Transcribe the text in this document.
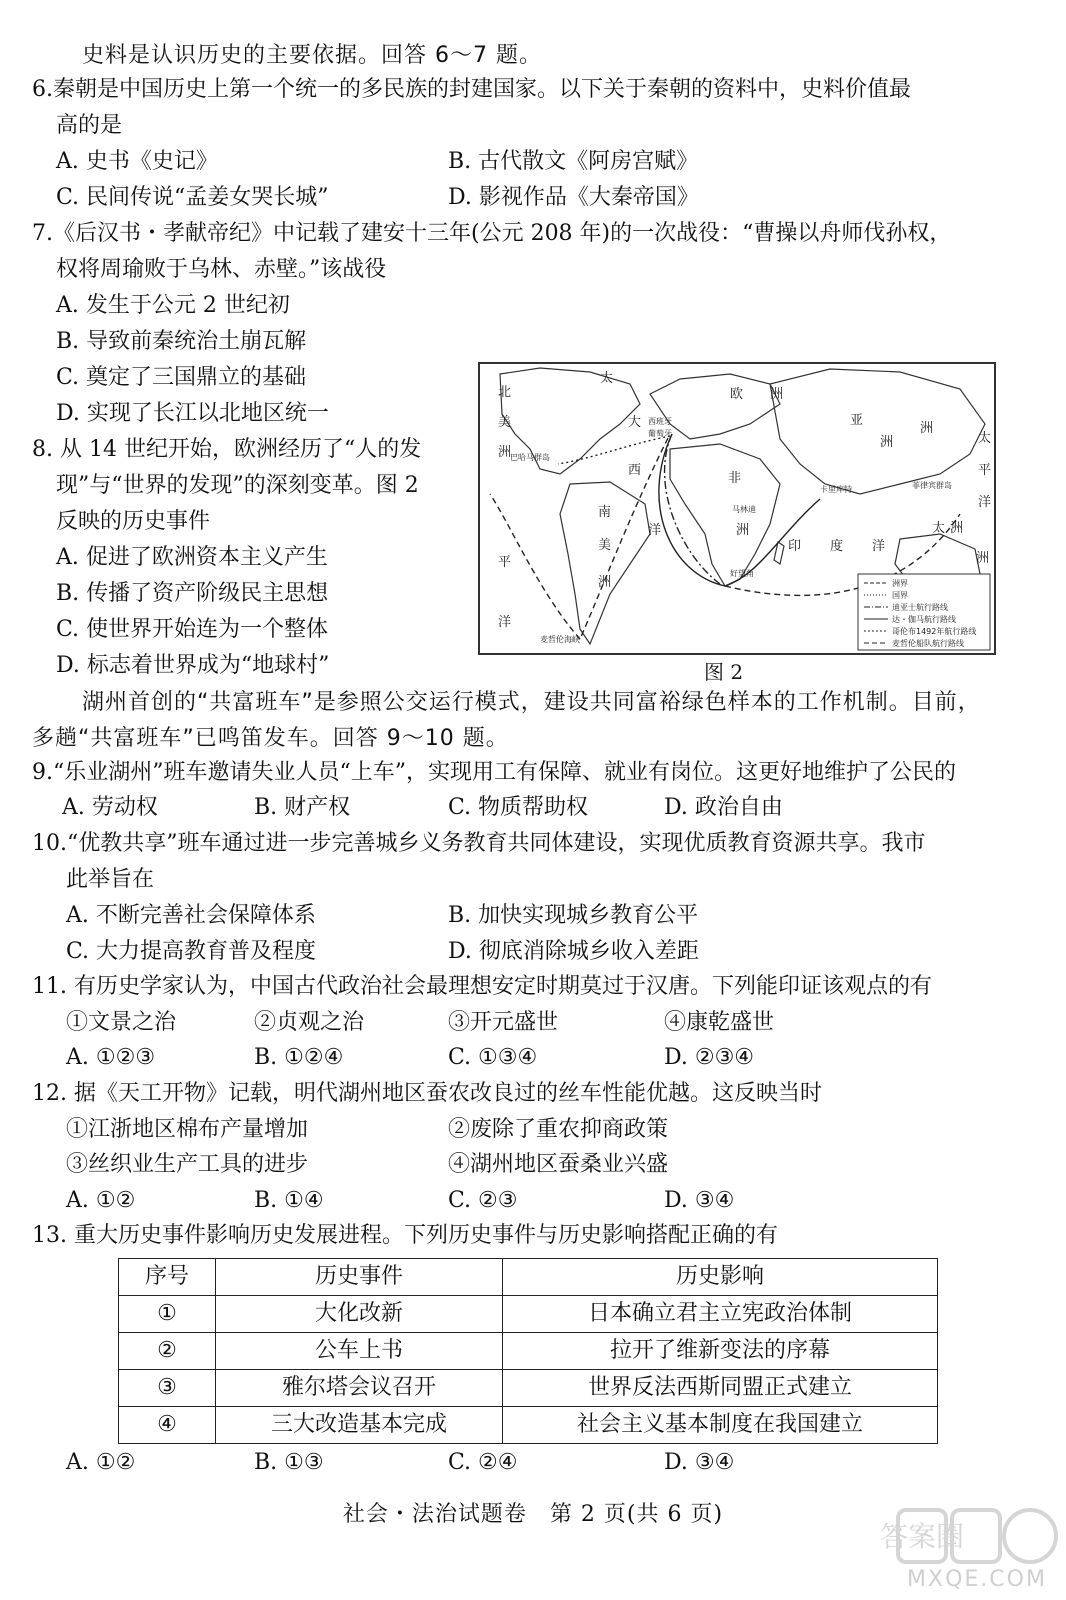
史料是认识历史的主要依据。回答 6～7 题。
6.秦朝是中国历史上第一个统一的多民族的封建国家。以下关于秦朝的资料中，史料价值最
高的是
A. 史书《史记》	B. 古代散文《阿房宫赋》
C. 民间传说“孟姜女哭长城”	D. 影视作品《大秦帝国》
7.《后汉书・孝献帝纪》中记载了建安十三年(公元 208 年)的一次战役：“曹操以舟师伐孙权，
权将周瑜败于乌林、赤壁。”该战役
A. 发生于公元 2 世纪初
B. 导致前秦统治土崩瓦解
C. 奠定了三国鼎立的基础
D. 实现了长江以北地区统一
8. 从 14 世纪开始，欧洲经历了“人的发
现”与“世界的发现”的深刻变革。图 2
反映的历史事件
A. 促进了欧洲资本主义产生
B. 传播了资产阶级民主思想
C. 使世界开始连为一个整体
D. 标志着世界成为“地球村”
北
美
洲
大
西
洋
欧 洲
亚
洲
非
洲
南
美
洲
印 度 洋
太
平
洋
洲
平
洋
太
太 洲
洲
西班牙
葡萄牙
巴哈马群岛
卡里库特	菲律宾群岛
马林迪
好望角
麦哲伦海峡
洲界
国界
迪亚士航行路线
达・伽马航行路线
哥伦布1492年航行路线
麦哲伦船队航行路线
图 2
湖州首创的“共富班车”是参照公交运行模式，建设共同富裕绿色样本的工作机制。目前，
多趟“共富班车”已鸣笛发车。回答 9～10 题。
9.“乐业湖州”班车邀请失业人员“上车”，实现用工有保障、就业有岗位。这更好地维护了公民的
A. 劳动权	B. 财产权	C. 物质帮助权	D. 政治自由
10.“优教共享”班车通过进一步完善城乡义务教育共同体建设，实现优质教育资源共享。我市
此举旨在
A. 不断完善社会保障体系	B. 加快实现城乡教育公平
C. 大力提高教育普及程度	D. 彻底消除城乡收入差距
11. 有历史学家认为，中国古代政治社会最理想安定时期莫过于汉唐。下列能印证该观点的有
①文景之治	②贞观之治	③开元盛世	④康乾盛世
A. ①②③	B. ①②④	C. ①③④	D. ②③④
12. 据《天工开物》记载，明代湖州地区蚕农改良过的丝车性能优越。这反映当时
①江浙地区棉布产量增加	②废除了重农抑商政策
③丝织业生产工具的进步	④湖州地区蚕桑业兴盛
A. ①②	B. ①④	C. ②③	D. ③④
13. 重大历史事件影响历史发展进程。下列历史事件与历史影响搭配正确的有
序号	历史事件	历史影响
①	大化改新	日本确立君主立宪政治体制
②	公车上书	拉开了维新变法的序幕
③	雅尔塔会议召开	世界反法西斯同盟正式建立
④	三大改造基本完成	社会主义基本制度在我国建立
A. ①②	B. ①③	C. ②④	D. ③④
社会・法治试题卷　第 2 页(共 6 页)
答案圈
MXQE.COM
